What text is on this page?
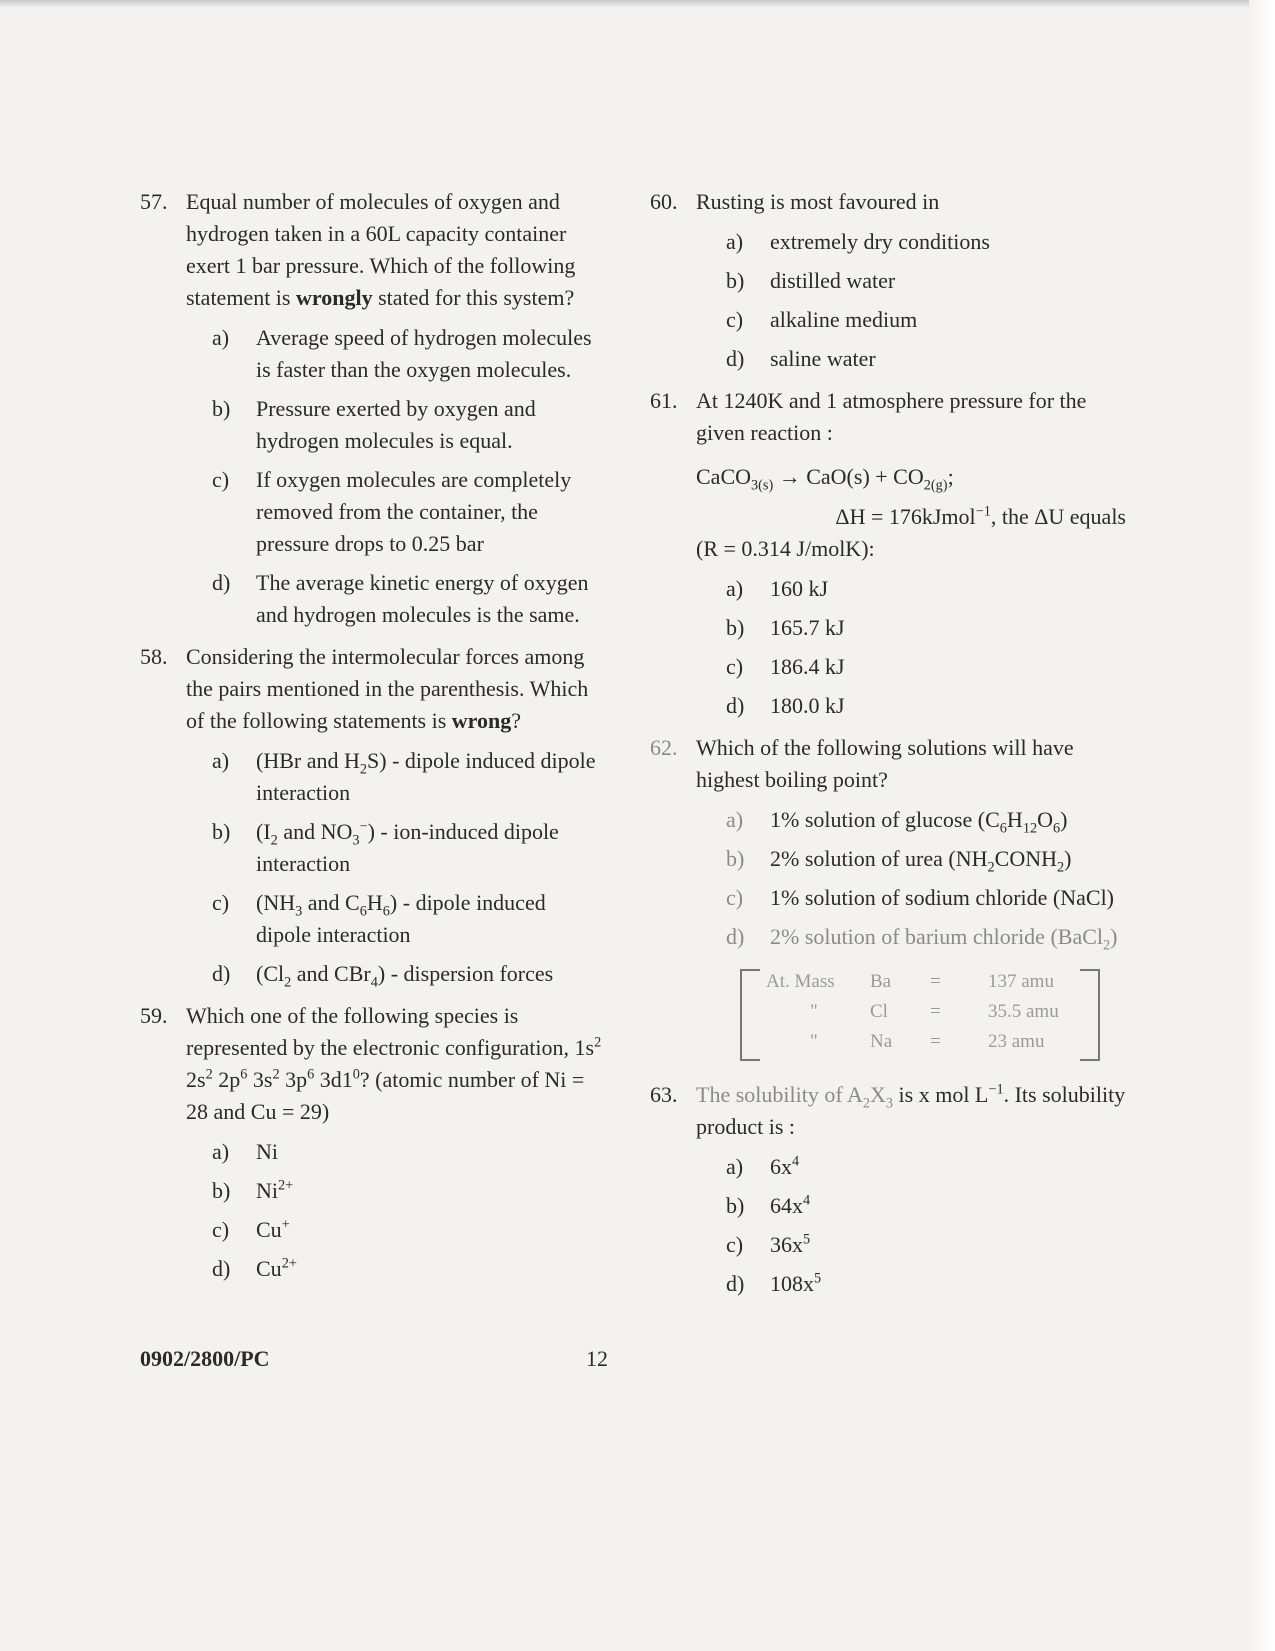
57. Equal number of molecules of oxygen and hydrogen taken in a 60L capacity container exert 1 bar pressure. Which of the following statement is wrongly stated for this system?
a) Average speed of hydrogen molecules is faster than the oxygen molecules.
b) Pressure exerted by oxygen and hydrogen molecules is equal.
c) If oxygen molecules are completely removed from the container, the pressure drops to 0.25 bar
d) The average kinetic energy of oxygen and hydrogen molecules is the same.
58. Considering the intermolecular forces among the pairs mentioned in the parenthesis. Which of the following statements is wrong?
a) (HBr and $H_2S$) - dipole induced dipole interaction
b) ($I_2$ and $NO_3^-$) - ion-induced dipole interaction
c) ($NH_3$ and $C_6H_6$) - dipole induced dipole interaction
d) ($Cl_2$ and CBr$_4$) - dispersion forces
59. Which one of the following species is represented by the electronic configuration, $1s^2$ $2s^2$ $2p^6$ $3s^2$ $3p^6$ $3d1^0$? (atomic number of Ni = 28 and Cu = 29)
a) Ni
b) $Ni^{2+}$
c) Cu+
d) $Cu^{2+}$
60. Rusting is most favoured in
a) extremely dry conditions
b) distilled water
c) alkaline medium
d) saline water
61. At 1240K and 1 atmosphere pressure for the given reaction :
CaCO$_{3(s)}$ → $CaO(s) + CO_{2(g)}$;
ΔH = 176kJmol$^{-1}$, the ΔU equals
(R = 0.314 J/molK):
a) 160 kJ
b) 165.7 kJ
c) 186.4 kJ
d) 180.0 kJ
62. Which of the following solutions will have highest boiling point?
a) 1% solution of glucose $(C_6H_{12}O_6)$
b) 2% solution of urea $(NH_2CONH_2)$
c) 1% solution of sodium chloride (NaCl)
d) 2% solution of barium chloride (BaCl$_2$)
At. Mass Ba = 137 amu
"	Cl = 35.5 amu
"	Na = 23 amu
63. The solubility of $A_2X_3$ is x mol $L^{-1}$. Its solubility product is :
a) $6x^4$
b) $64x^4$
c) $36x^5$
d) $108x^5$
0902/2800/PC	12
